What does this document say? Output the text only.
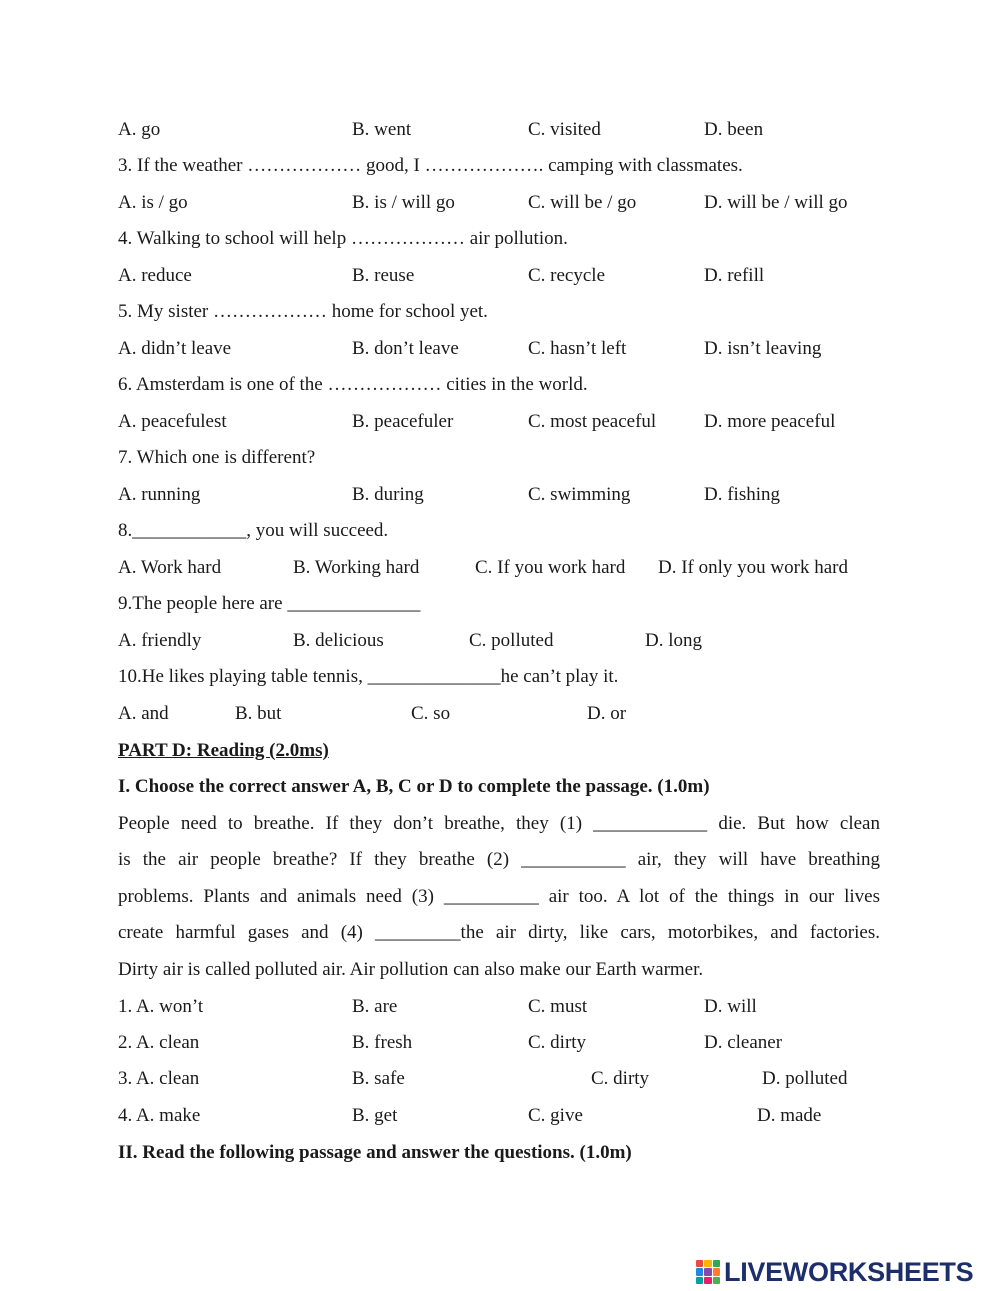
A. go	B. went	C. visited	D. been
3. If the weather ……………… good, I ………………. camping with classmates.
A. is / go	B. is / will go	C. will be / go	D. will be / will go
4. Walking to school will help ……………… air pollution.
A. reduce	B. reuse	C. recycle	D. refill
5. My sister ……………… home for school yet.
A. didn’t leave	B. don’t leave	C. hasn’t left	D. isn’t leaving
6. Amsterdam is one of the ……………… cities in the world.
A. peacefulest	B. peacefuler	C. most peaceful	D. more peaceful
7. Which one is different?
A. running	B. during	C. swimming	D. fishing
8.____________, you will succeed.
A. Work hard	B. Working hard	C. If you work hard D. If only you work hard
9.The people here are ______________
A. friendly	B. delicious	C. polluted	D. long
10.He likes playing table tennis, ______________he can’t play it.
A. and	B. but	C. so	D. or
PART D: Reading (2.0ms)
I. Choose the correct answer A, B, C or D to complete the passage. (1.0m)
People need to breathe. If they don’t breathe, they (1) ____________ die. But how clean
is the air people breathe? If they breathe (2) ___________ air, they will have breathing
problems. Plants and animals need (3) __________ air too. A lot of the things in our lives
create harmful gases and (4) _________the air dirty, like cars, motorbikes, and factories.
Dirty air is called polluted air. Air pollution can also make our Earth warmer.
1. A. won’t	B. are	C. must	D. will
2. A. clean	B. fresh	C. dirty	D. cleaner
3. A. clean	B. safe	C. dirty	D. polluted
4. A. make	B. get	C. give	D. made
II. Read the following passage and answer the questions. (1.0m)
LIVEWORKSHEETS
